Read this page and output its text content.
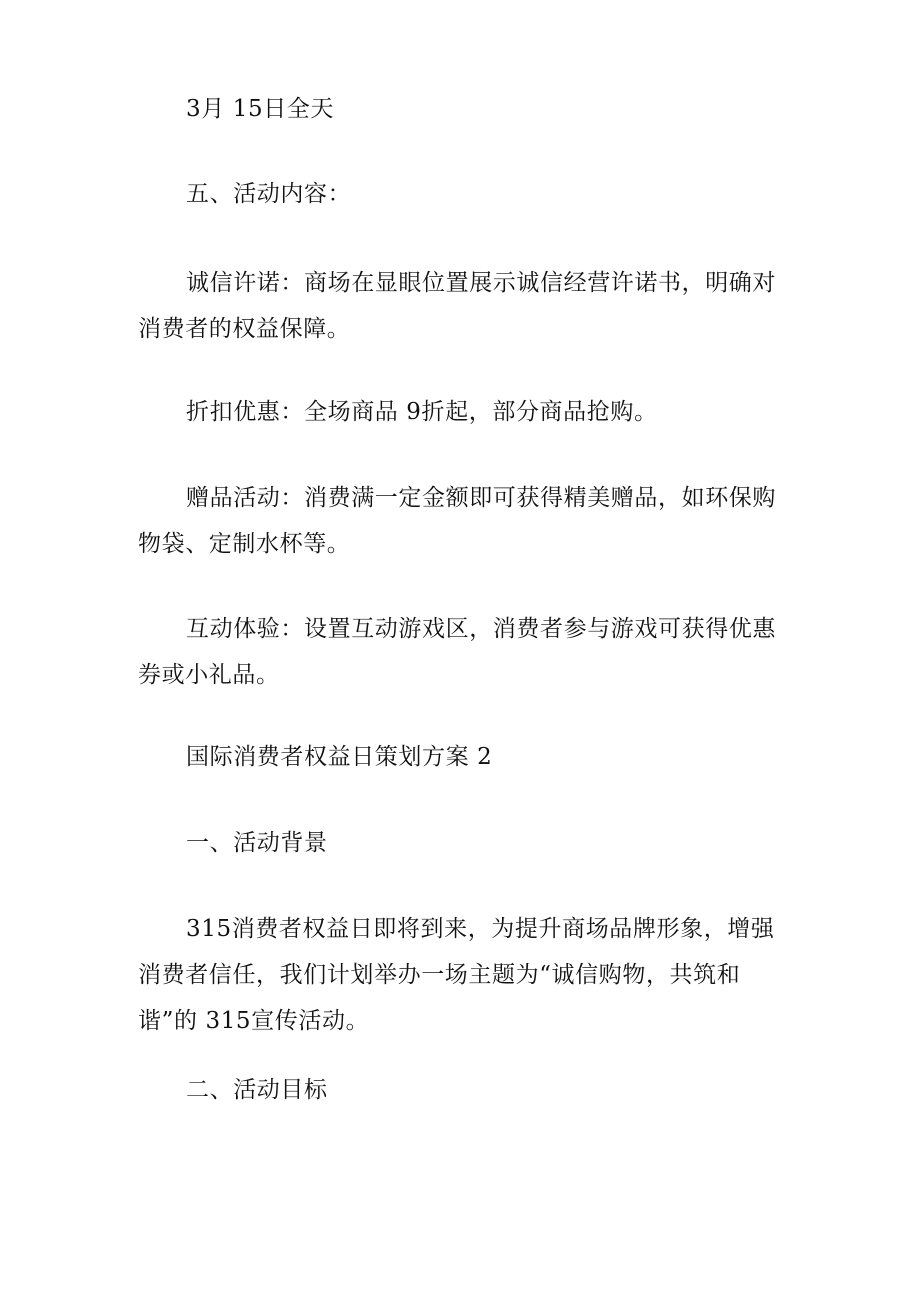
3月 15日全天

五、活动内容：

诚信许诺：商场在显眼位置展示诚信经营许诺书，明确对消费者的权益保障。

折扣优惠：全场商品 9折起，部分商品抢购。

赠品活动：消费满一定金额即可获得精美赠品，如环保购物袋、定制水杯等。

互动体验：设置互动游戏区，消费者参与游戏可获得优惠券或小礼品。

国际消费者权益日策划方案 2

一、活动背景

315消费者权益日即将到来，为提升商场品牌形象，增强消费者信任，我们计划举办一场主题为“诚信购物，共筑和谐”的 315宣传活动。

二、活动目标
